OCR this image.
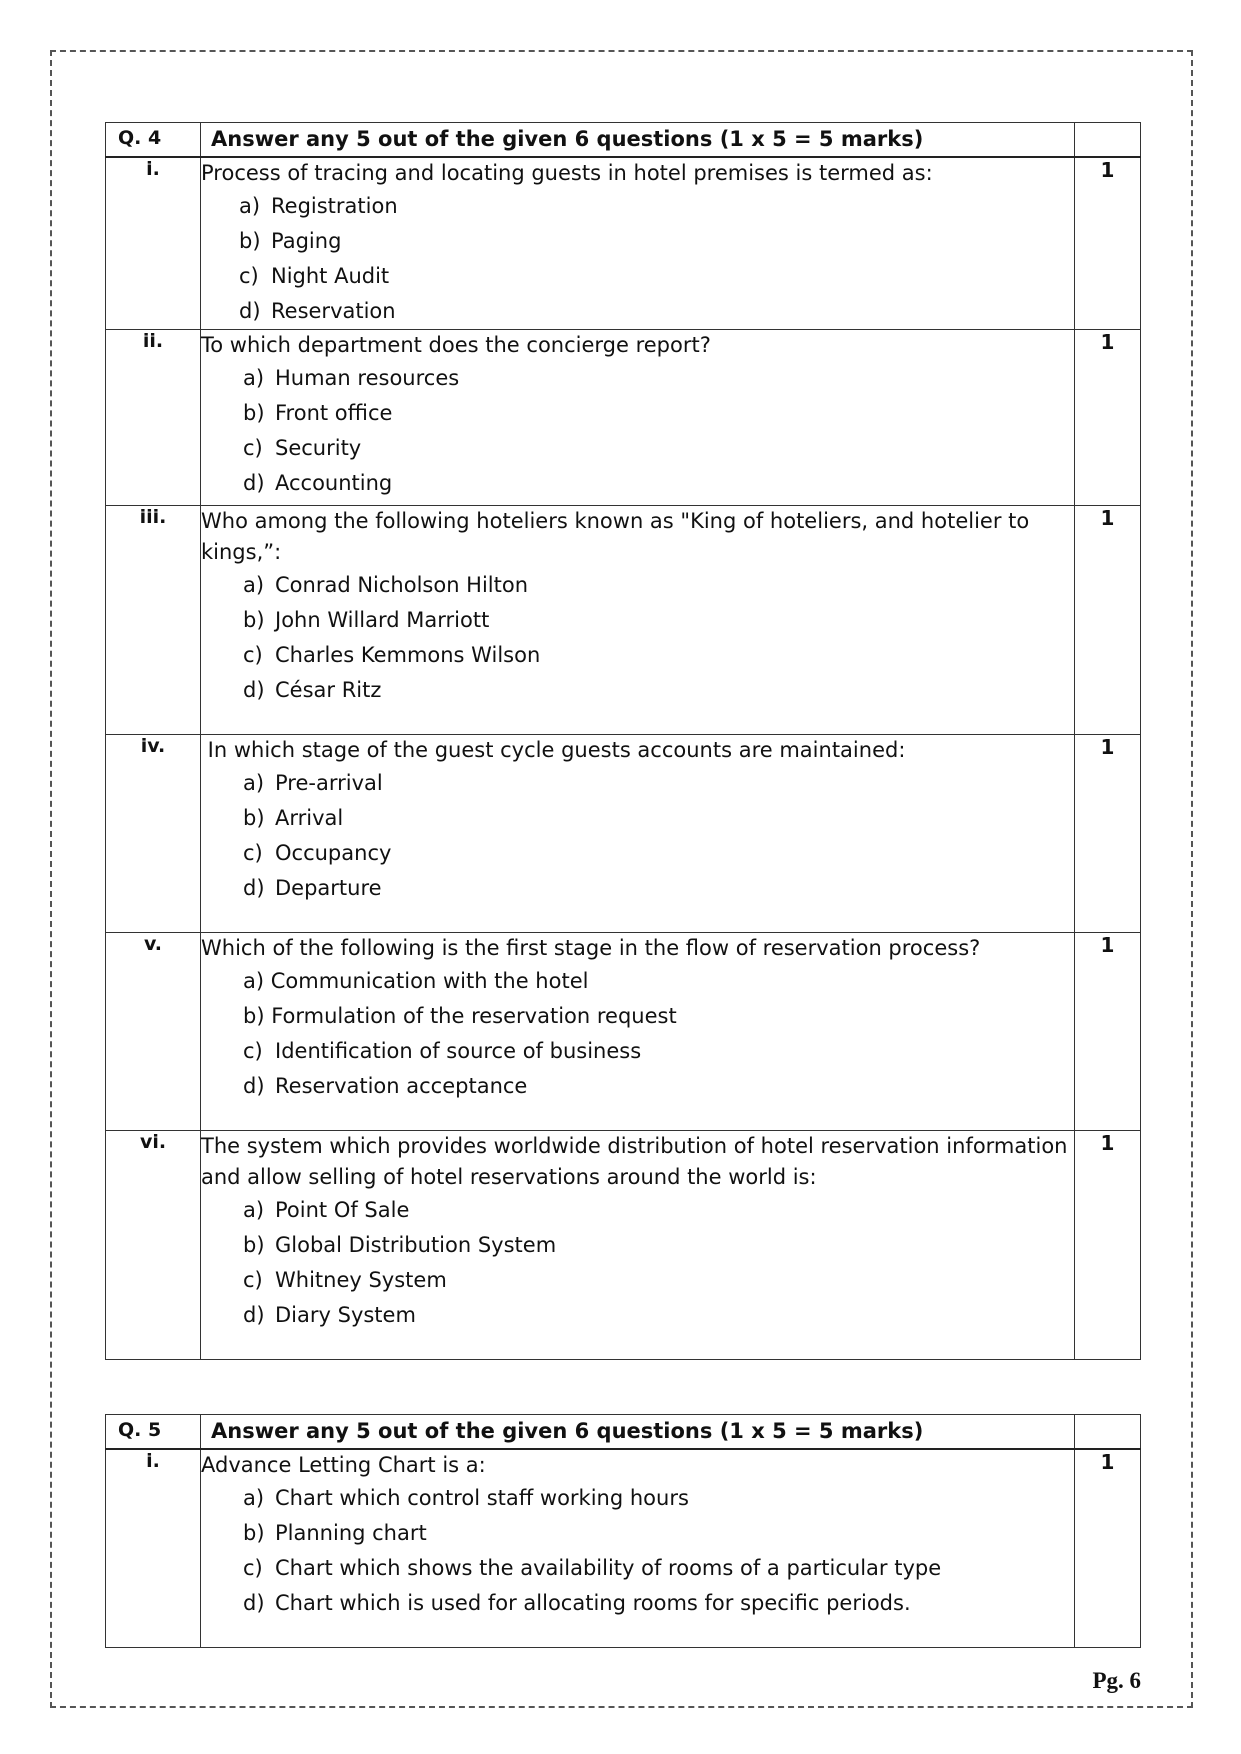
Q. 4	Answer any 5 out of the given 6 questions (1 x 5 = 5 marks)	
i.	Process of tracing and locating guests in hotel premises is termed as:
a) Registration
b) Paging
c) Night Audit
d) Reservation	1
ii.	To which department does the concierge report?
a) Human resources
b) Front office
c) Security
d) Accounting	1
iii.	Who among the following hoteliers known as "King of hoteliers, and hotelier to kings,”:
a) Conrad Nicholson Hilton
b) John Willard Marriott
c) Charles Kemmons Wilson
d) César Ritz	1
iv.	In which stage of the guest cycle guests accounts are maintained:
a) Pre-arrival
b) Arrival
c) Occupancy
d) Departure	1
v.	Which of the following is the first stage in the flow of reservation process?
a) Communication with the hotel
b) Formulation of the reservation request
c) Identification of source of business
d) Reservation acceptance	1
vi.	The system which provides worldwide distribution of hotel reservation information and allow selling of hotel reservations around the world is:
a) Point Of Sale
b) Global Distribution System
c) Whitney System
d) Diary System	1
Q. 5	Answer any 5 out of the given 6 questions (1 x 5 = 5 marks)	
i.	Advance Letting Chart is a:
a) Chart which control staff working hours
b) Planning chart
c) Chart which shows the availability of rooms of a particular type
d) Chart which is used for allocating rooms for specific periods.	1
Pg. 6
